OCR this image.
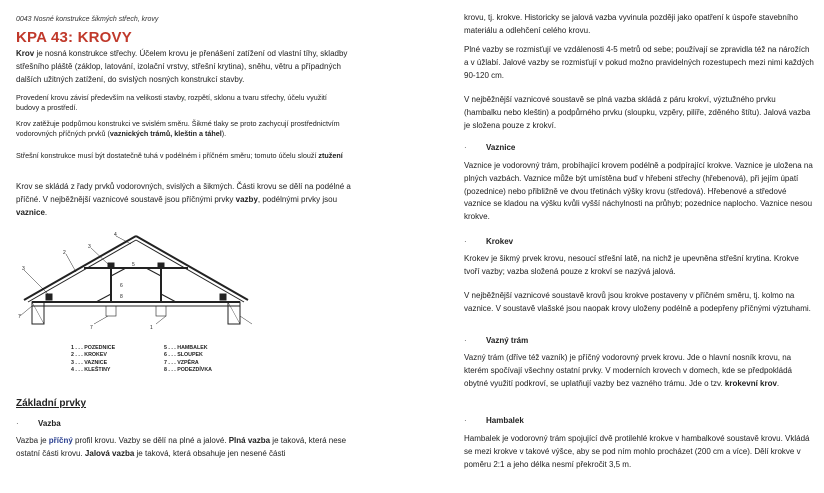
0043 Nosné konstrukce šikmých střech, krovy
KPA 43: KROVY

Krov je nosná konstrukce střechy. Účelem krovu je přenášení zatížení od vlastní tíhy, skladby střešního pláště (záklop, latování, izolační vrstvy, střešní krytina), sněhu, větru a případných dalších užitných zatížení, do svislých nosných konstrukcí stavby.

Provedení krovu závisí především na velikosti stavby, rozpětí, sklonu a tvaru střechy, účelu využití budovy a prostředí.

Krov zatěžuje podpůrnou konstrukci ve svislém směru. Šikmé tlaky se proto zachycují prostřednictvím vodorovných příčných prvků (vaznických trámů, kleštin a táhel).

Střešní konstrukce musí být dostatečně tuhá v podélném i příčném směru; tomuto účelu slouží ztužení

Krov se skládá z řady prvků vodorovných, svislých a šikmých. Části krovu se dělí na podélné a příčné. V nejběžnější vaznicové soustavě jsou příčnými prvky vazby, podélnými prvky jsou vaznice.

4
3
2
3
7
6
8
5
1
7
1 . . . POZEDNICE	5 . . . HAMBALEK
2 . . . KROKEV	6 . . . SLOUPEK
3 . . . VAZNICE	7 . . . VZPĚRA
4 . . . KLEŠTINY	8 . . . PODEZDÍVKA
Základní prvky
·	Vazba

Vazba je příčný profil krovu. Vazby se dělí na plné a jalové. Plná vazba je taková, která nese ostatní části krovu. Jalová vazba je taková, která obsahuje jen nesené části

krovu, tj. krokve. Historicky se jalová vazba vyvinula později jako opatření k úspoře stavebního materiálu a odlehčení celého krovu.

Plné vazby se rozmisťují ve vzdálenosti 4-5 metrů od sebe; používají se zpravidla též na nárožích a v úžlabí. Jalové vazby se rozmisťují v pokud možno pravidelných rozestupech mezi nimi každých 90-120 cm.

V nejběžnější vaznicové soustavě se plná vazba skládá z páru krokví, výztužného prvku (hambalku nebo kleštin) a podpůrného prvku (sloupku, vzpěry, pilíře, zděného štítu). Jalová vazba je složena pouze z krokví.

·	Vaznice

Vaznice je vodorovný trám, probíhající krovem podélně a podpírající krokve. Vaznice je uložena na plných vazbách. Vaznice může být umístěna buď v hřebeni střechy (hřebenová), při jejím úpatí (pozednice) nebo přibližně ve dvou třetinách výšky krovu (středová). Hřebenové a středové vaznice se kladou na výšku kvůli vyšší náchylnosti na průhyb; pozednice naplocho. Vaznice nesou krokve.

·	Krokev

Krokev je šikmý prvek krovu, nesoucí střešní latě, na nichž je upevněna střešní krytina. Krokve tvoří vazby; vazba složená pouze z krokví se nazývá jalová.

V nejběžnější vaznicové soustavě krovů jsou krokve postaveny v příčném směru, tj. kolmo na vaznice. V soustavě vlašské jsou naopak krovy uloženy podélně a podepřeny příčnými výztuhami.

·	Vazný trám

Vazný trám (dříve též vazník) je příčný vodorovný prvek krovu. Jde o hlavní nosník krovu, na kterém spočívají všechny ostatní prvky. V moderních krovech v domech, kde se předpokládá obytné využití podkroví, se uplatňují vazby bez vazného trámu. Jde o tzv. krokevní krov.

·	Hambalek

Hambalek je vodorovný trám spojující dvě protilehlé krokve v hambalkové soustavě krovu. Vkládá se mezi krokve v takové výšce, aby se pod ním mohlo procházet (200 cm a více). Dělí krokve v poměru 2:1 a jeho délka nesmí překročit 3,5 m.
